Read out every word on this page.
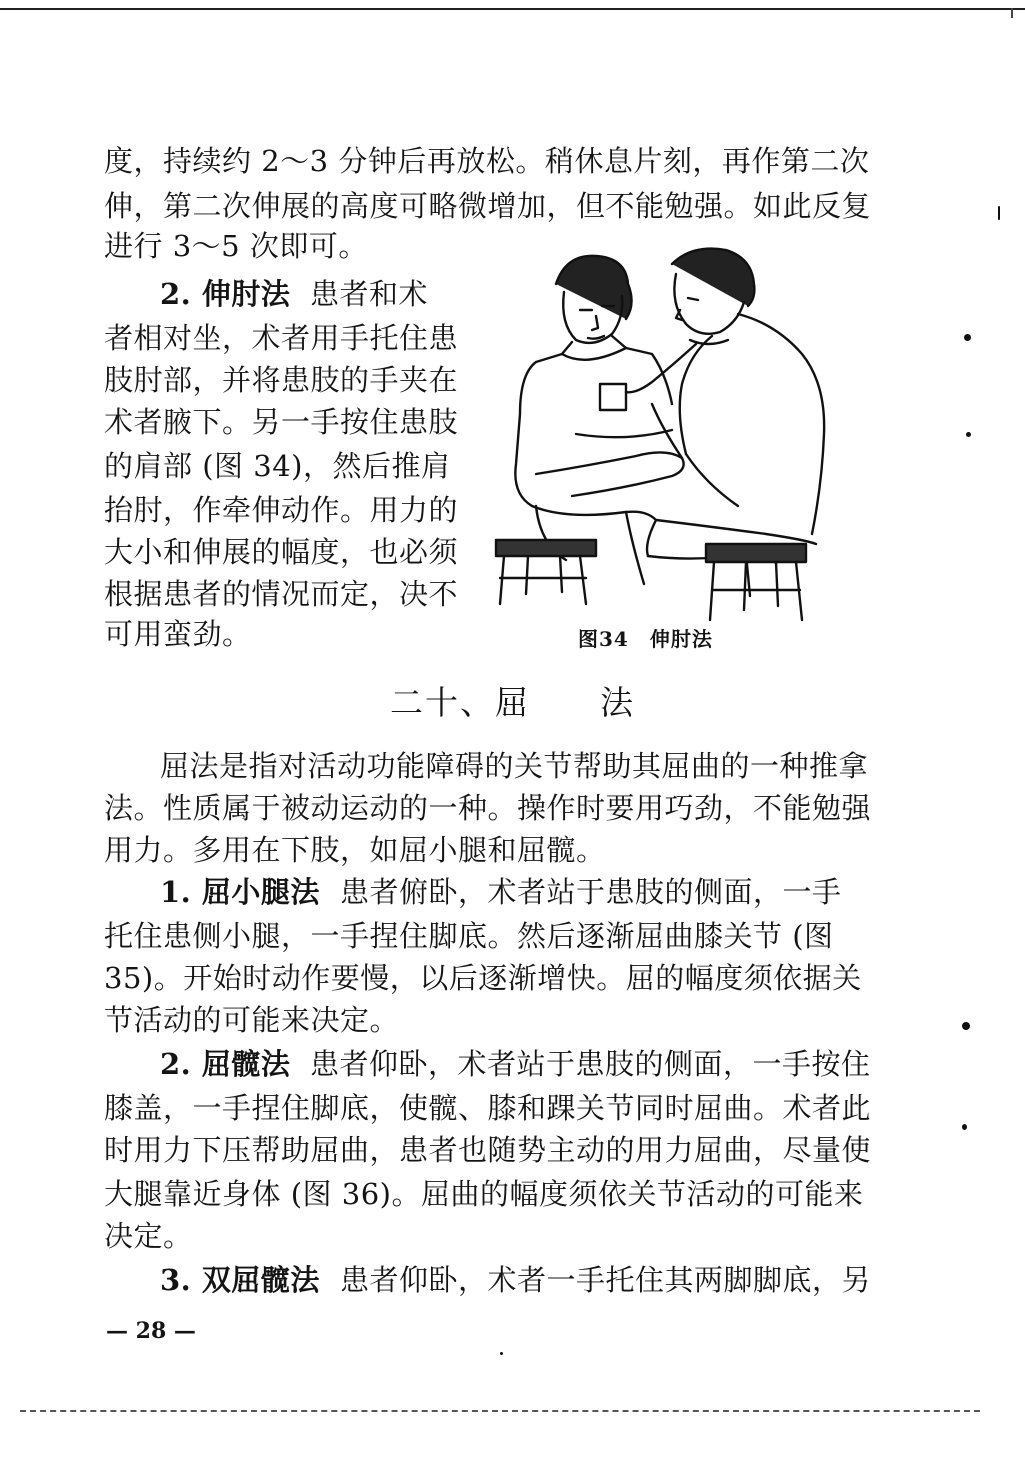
度，持续约 2～3 分钟后再放松。稍休息片刻，再作第二次
伸，第二次伸展的高度可略微增加，但不能勉强。如此反复
进行 3～5 次即可。
2. 伸肘法 患者和术
者相对坐，术者用手托住患
肢肘部，并将患肢的手夹在
术者腋下。另一手按住患肢
的肩部 (图 34)，然后推肩
抬肘，作牵伸动作。用力的
大小和伸展的幅度，也必须
根据患者的情况而定，决不
可用蛮劲。	图34　伸肘法
二十、屈　　法
屈法是指对活动功能障碍的关节帮助其屈曲的一种推拿
法。性质属于被动运动的一种。操作时要用巧劲，不能勉强
用力。多用在下肢，如屈小腿和屈髋。
1. 屈小腿法 患者俯卧，术者站于患肢的侧面，一手
托住患侧小腿，一手捏住脚底。然后逐渐屈曲膝关节 (图
35)。开始时动作要慢，以后逐渐增快。屈的幅度须依据关
节活动的可能来决定。
2. 屈髋法 患者仰卧，术者站于患肢的侧面，一手按住
膝盖，一手捏住脚底，使髋、膝和踝关节同时屈曲。术者此
时用力下压帮助屈曲，患者也随势主动的用力屈曲，尽量使
大腿靠近身体 (图 36)。屈曲的幅度须依关节活动的可能来
决定。
3. 双屈髋法 患者仰卧，术者一手托住其两脚脚底，另
— 28 —
